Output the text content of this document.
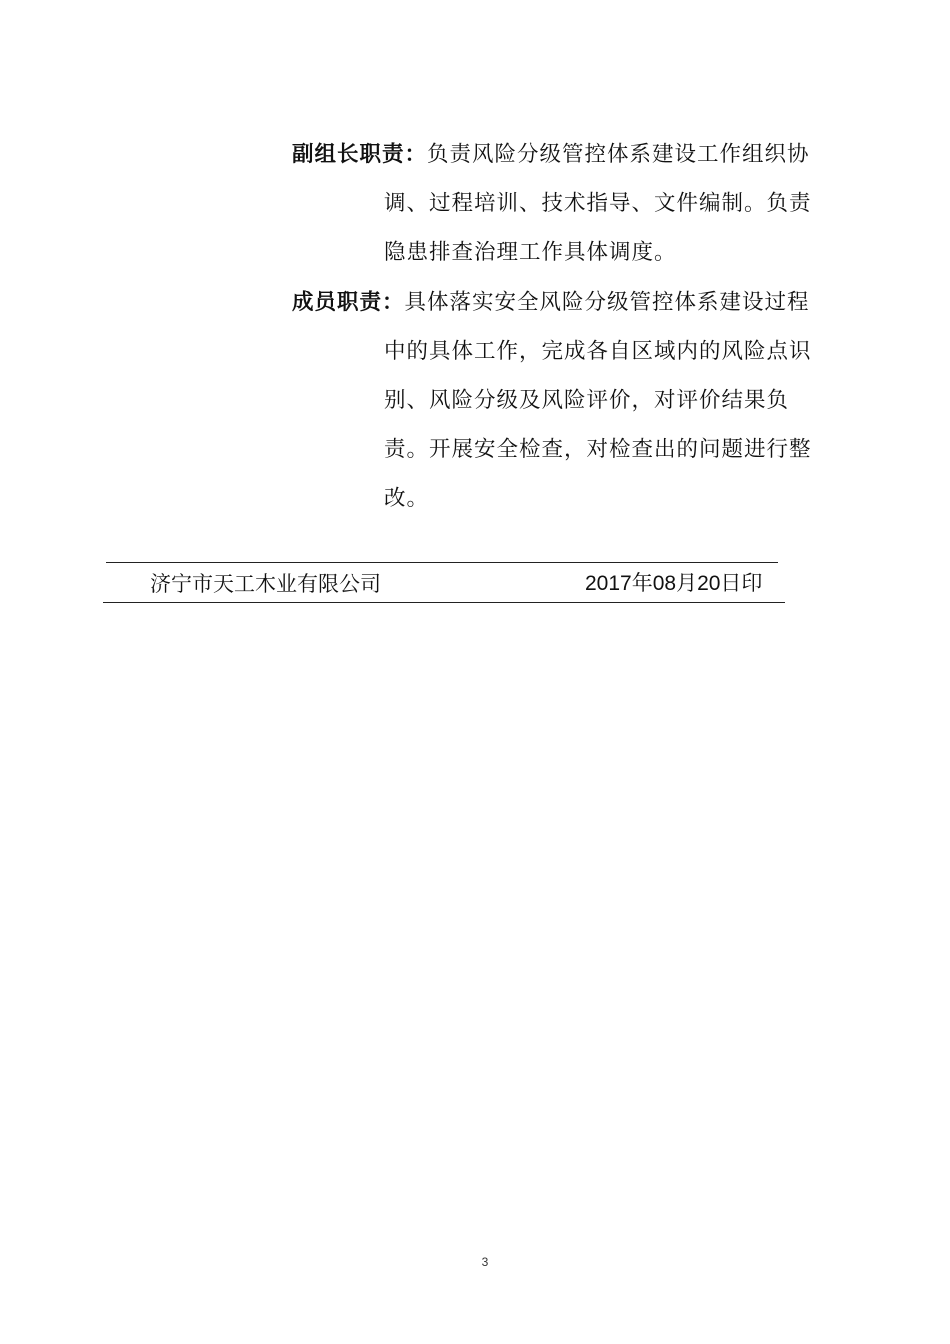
副组长职责：负责风险分级管控体系建设工作组织协
调、过程培训、技术指导、文件编制。负责
隐患排查治理工作具体调度。
成员职责：具体落实安全风险分级管控体系建设过程
中的具体工作，完成各自区域内的风险点识
别、风险分级及风险评价，对评价结果负
责。开展安全检查，对检查出的问题进行整
改。
济宁市天工木业有限公司	2017年08月20日印
3
